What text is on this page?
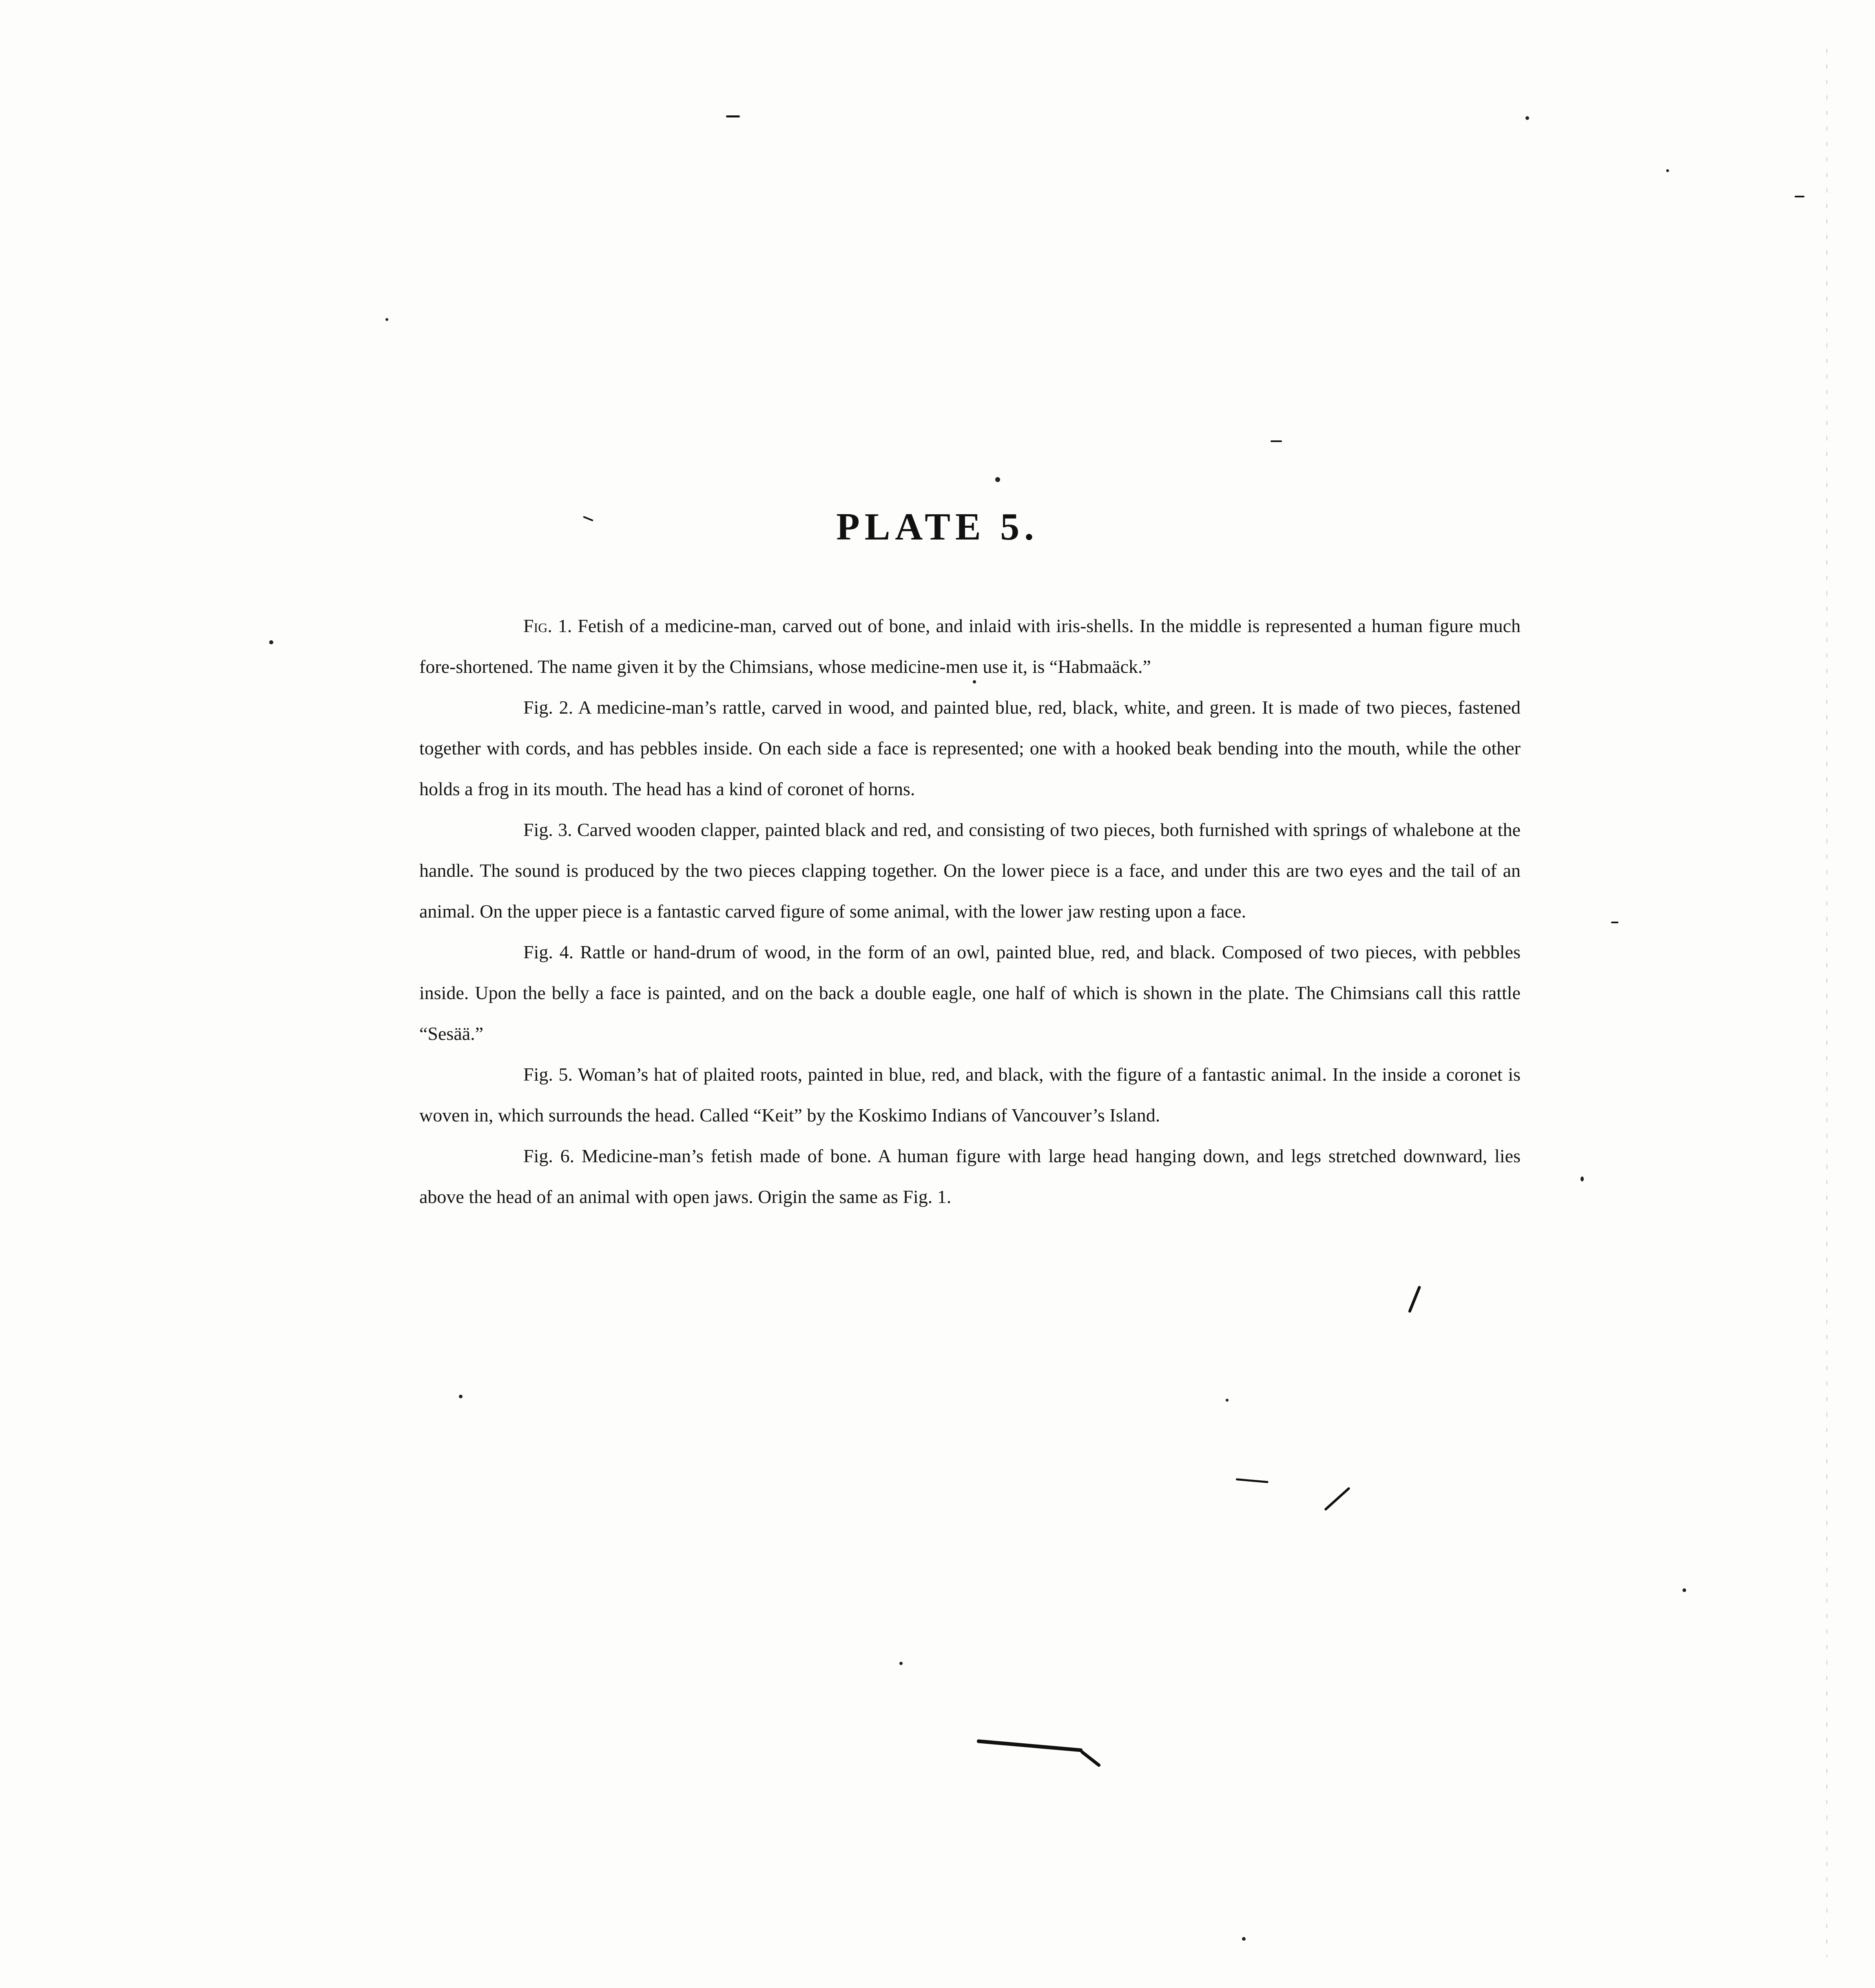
PLATE 5.

Fig. 1. Fetish of a medicine-man, carved out of bone, and inlaid with iris-shells. In the middle is represented a human figure much fore-shortened. The name given it by the Chimsians, whose medicine-men use it, is “Habmaäck.”

Fig. 2. A medicine-man’s rattle, carved in wood, and painted blue, red, black, white, and green. It is made of two pieces, fastened together with cords, and has pebbles inside. On each side a face is represented; one with a hooked beak bending into the mouth, while the other holds a frog in its mouth. The head has a kind of coronet of horns.

Fig. 3. Carved wooden clapper, painted black and red, and consisting of two pieces, both furnished with springs of whalebone at the handle. The sound is produced by the two pieces clapping together. On the lower piece is a face, and under this are two eyes and the tail of an animal. On the upper piece is a fantastic carved figure of some animal, with the lower jaw resting upon a face.

Fig. 4. Rattle or hand-drum of wood, in the form of an owl, painted blue, red, and black. Composed of two pieces, with pebbles inside. Upon the belly a face is painted, and on the back a double eagle, one half of which is shown in the plate. The Chimsians call this rattle “Sesää.”

Fig. 5. Woman’s hat of plaited roots, painted in blue, red, and black, with the figure of a fantastic animal. In the inside a coronet is woven in, which surrounds the head. Called “Keit” by the Koskimo Indians of Vancouver’s Island.

Fig. 6. Medicine-man’s fetish made of bone. A human figure with large head hanging down, and legs stretched downward, lies above the head of an animal with open jaws. Origin the same as Fig. 1.
